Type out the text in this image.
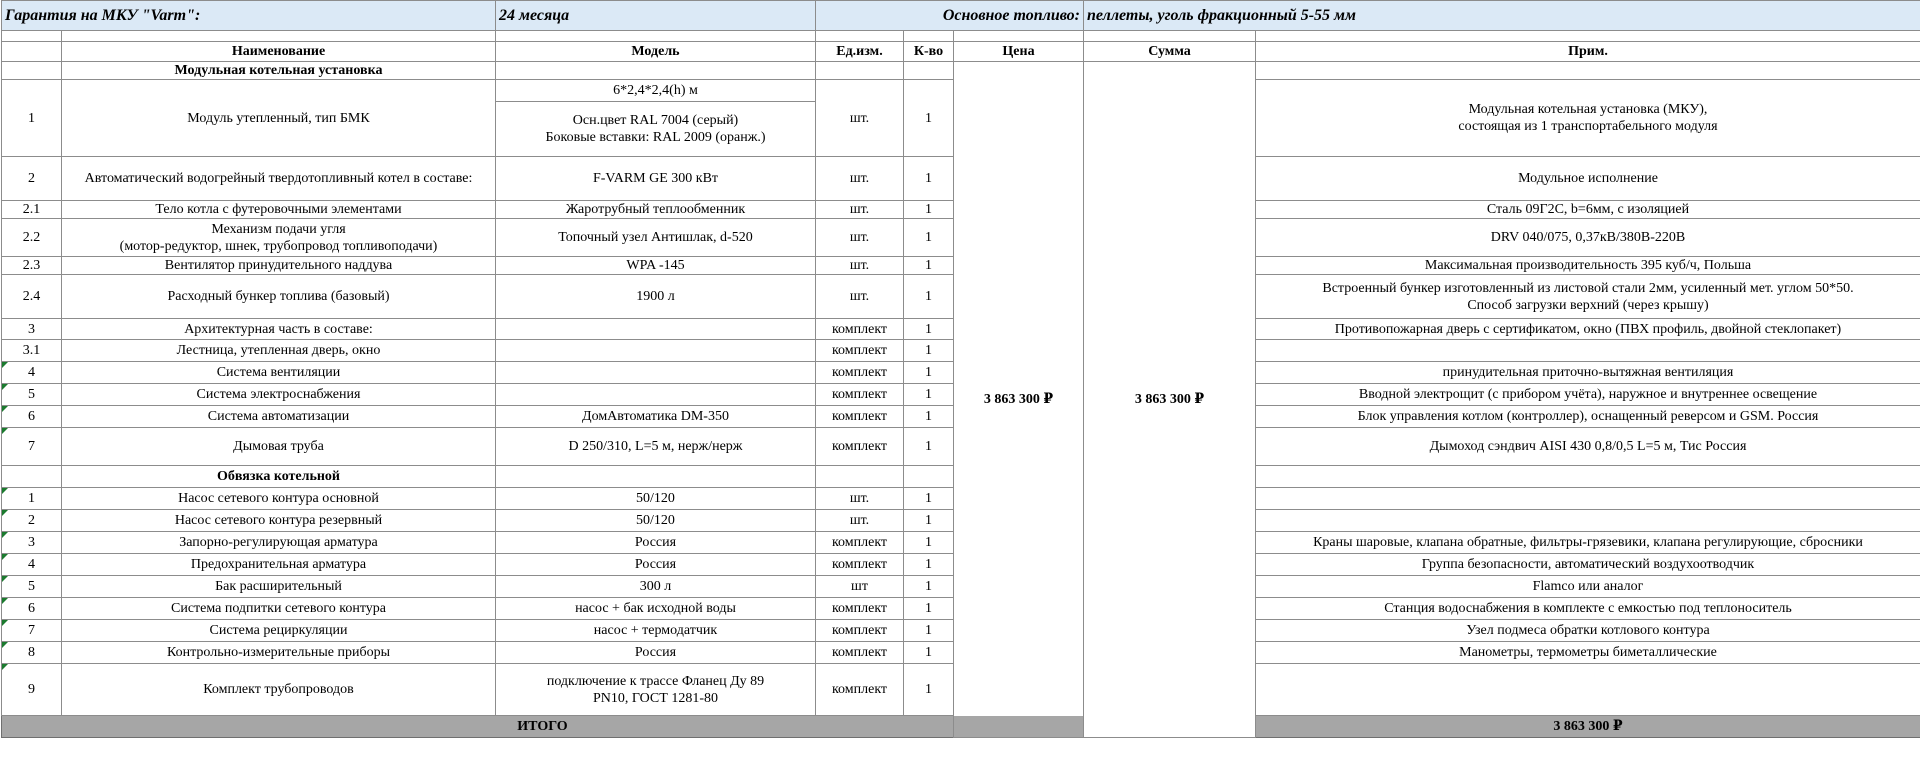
Гарантия на МКУ "Varm":		24 месяца	Основное топливо:			пеллеты, уголь фракционный 5-55 мм		

	Наименование	Модель	Ед.изм.	К-во	Цена	Сумма	Прим.	
	Модульная котельная установка				3 863 300 ₽	3 863 300 ₽		
1	Модуль утепленный, тип БМК	6*2,4*2,4(h) м	шт.	1			Модульная котельная установка (МКУ),
состоящая из 1 транспортабельного модуля	

		Осн.цвет RAL 7004 (серый)
Боковые вставки: RAL 2009 (оранж.)						

2	Автоматический водогрейный твердотопливный котел в составе:	F-VARM GE 300 кВт	шт.	1			Модульное исполнение	
2.1	Тело котла с футеровочными элементами	Жаротрубный теплообменник	шт.	1			Сталь 09Г2С, b=6мм, с изоляцией	
2.2	Механизм подачи угля
(мотор-редуктор, шнек, трубопровод топливоподачи)	Топочный узел Антишлак, d-520	шт.	1			DRV 040/075, 0,37кВ/380В-220В	
2.3	Вентилятор принудительного наддува	WPA -145	шт.	1			Максимальная производительность 395 куб/ч, Польша	
2.4	Расходный бункер топлива (базовый)	1900 л	шт.	1			Встроенный бункер изготовленный из листовой стали 2мм, усиленный мет. углом 50*50.
Способ загрузки верхний (через крышу)	

3	Архитектурная часть в составе:		комплект	1			Противопожарная дверь с сертификатом, окно (ПВХ профиль, двойной стеклопакет)	
3.1	Лестница, утепленная дверь, окно		комплект	1				
4	Система вентиляции		комплект	1			принудительная приточно-вытяжная вентиляция	
5	Система электроснабжения		комплект	1			Вводной электрощит (с прибором учёта), наружное и внутреннее освещение	
6	Система автоматизации	ДомАвтоматика DM-350	комплект	1			Блок управления котлом (контроллер), оснащенный реверсом и GSM. Россия	
7	Дымовая труба	D 250/310, L=5 м, нерж/нерж	комплект	1			Дымоход сэндвич AISI 430 0,8/0,5 L=5 м, Тис Россия	
	Обвязка котельной							
1	Насос сетевого контура основной	50/120	шт.	1				
2	Насос сетевого контура резервный	50/120	шт.	1				
3	Запорно-регулирующая арматура	Россия	комплект	1			Краны шаровые, клапана обратные, фильтры-грязевики, клапана регулирующие, сбросники	
4	Предохранительная арматура	Россия	комплект	1			Группа безопасности, автоматический воздухоотводчик	
5	Бак расширительный	300 л	шт	1			Flamco или аналог	
6	Система подпитки сетевого контура	насос + бак исходной воды	комплект	1			Станция водоснабжения в комплекте с емкостью под теплоноситель	
7	Система рециркуляции	насос + термодатчик	комплект	1			Узел подмеса обратки котлового контура	
8	Контрольно-измерительные приборы	Россия	комплект	1			Манометры, термометры биметаллические	
9	Комплект трубопроводов	подключение к трассе Фланец Ду 89
PN10, ГОСТ 1281-80	комплект	1				
ИТОГО							3 863 300 ₽	
